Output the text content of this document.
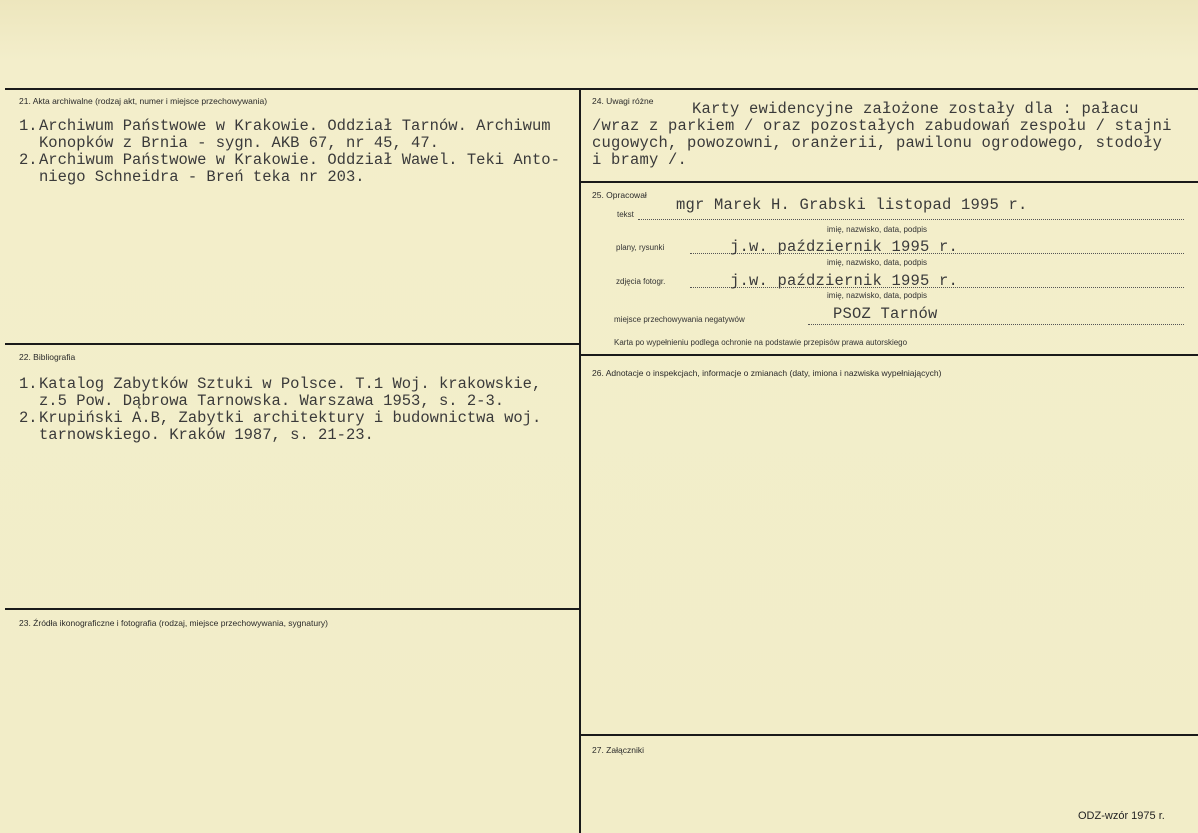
21. Akta archiwalne (rodzaj akt, numer i miejsce przechowywania)
1. Archiwum Państwowe w Krakowie. Oddział Tarnów. Archiwum
Konopków z Brnia - sygn. AKB 67, nr 45, 47.
2. Archiwum Państwowe w Krakowie. Oddział Wawel. Teki Anto-
niego Schneidra - Breń teka nr 203.
22. Bibliografia
1. Katalog Zabytków Sztuki w Polsce. T.1 Woj. krakowskie,
z.5 Pow. Dąbrowa Tarnowska. Warszawa 1953, s. 2-3.
2. Krupiński A.B, Zabytki architektury i budownictwa woj.
tarnowskiego. Kraków 1987, s. 21-23.
23. Źródła ikonograficzne i fotografia (rodzaj, miejsce przechowywania, sygnatury)
24. Uwagi różne Karty ewidencyjne założone zostały dla : pałacu
/wraz z parkiem / oraz pozostałych zabudowań zespołu / stajni
cugowych, powozowni, oranżerii, pawilonu ogrodowego, stodoły
i bramy /.
25. Opracował
tekst
mgr Marek H. Grabski listopad 1995 r.
imię, nazwisko, data, podpis
plany, rysunki	j.w. październik 1995 r.
imię, nazwisko, data, podpis
zdjęcia fotogr.	j.w. październik 1995 r.
imię, nazwisko, data, podpis
miejsce przechowywania negatywów	PSOZ Tarnów
Karta po wypełnieniu podlega ochronie na podstawie przepisów prawa autorskiego
26. Adnotacje o inspekcjach, informacje o zmianach (daty, imiona i nazwiska wypełniających)
27. Załączniki
ODZ-wzór 1975 r.
